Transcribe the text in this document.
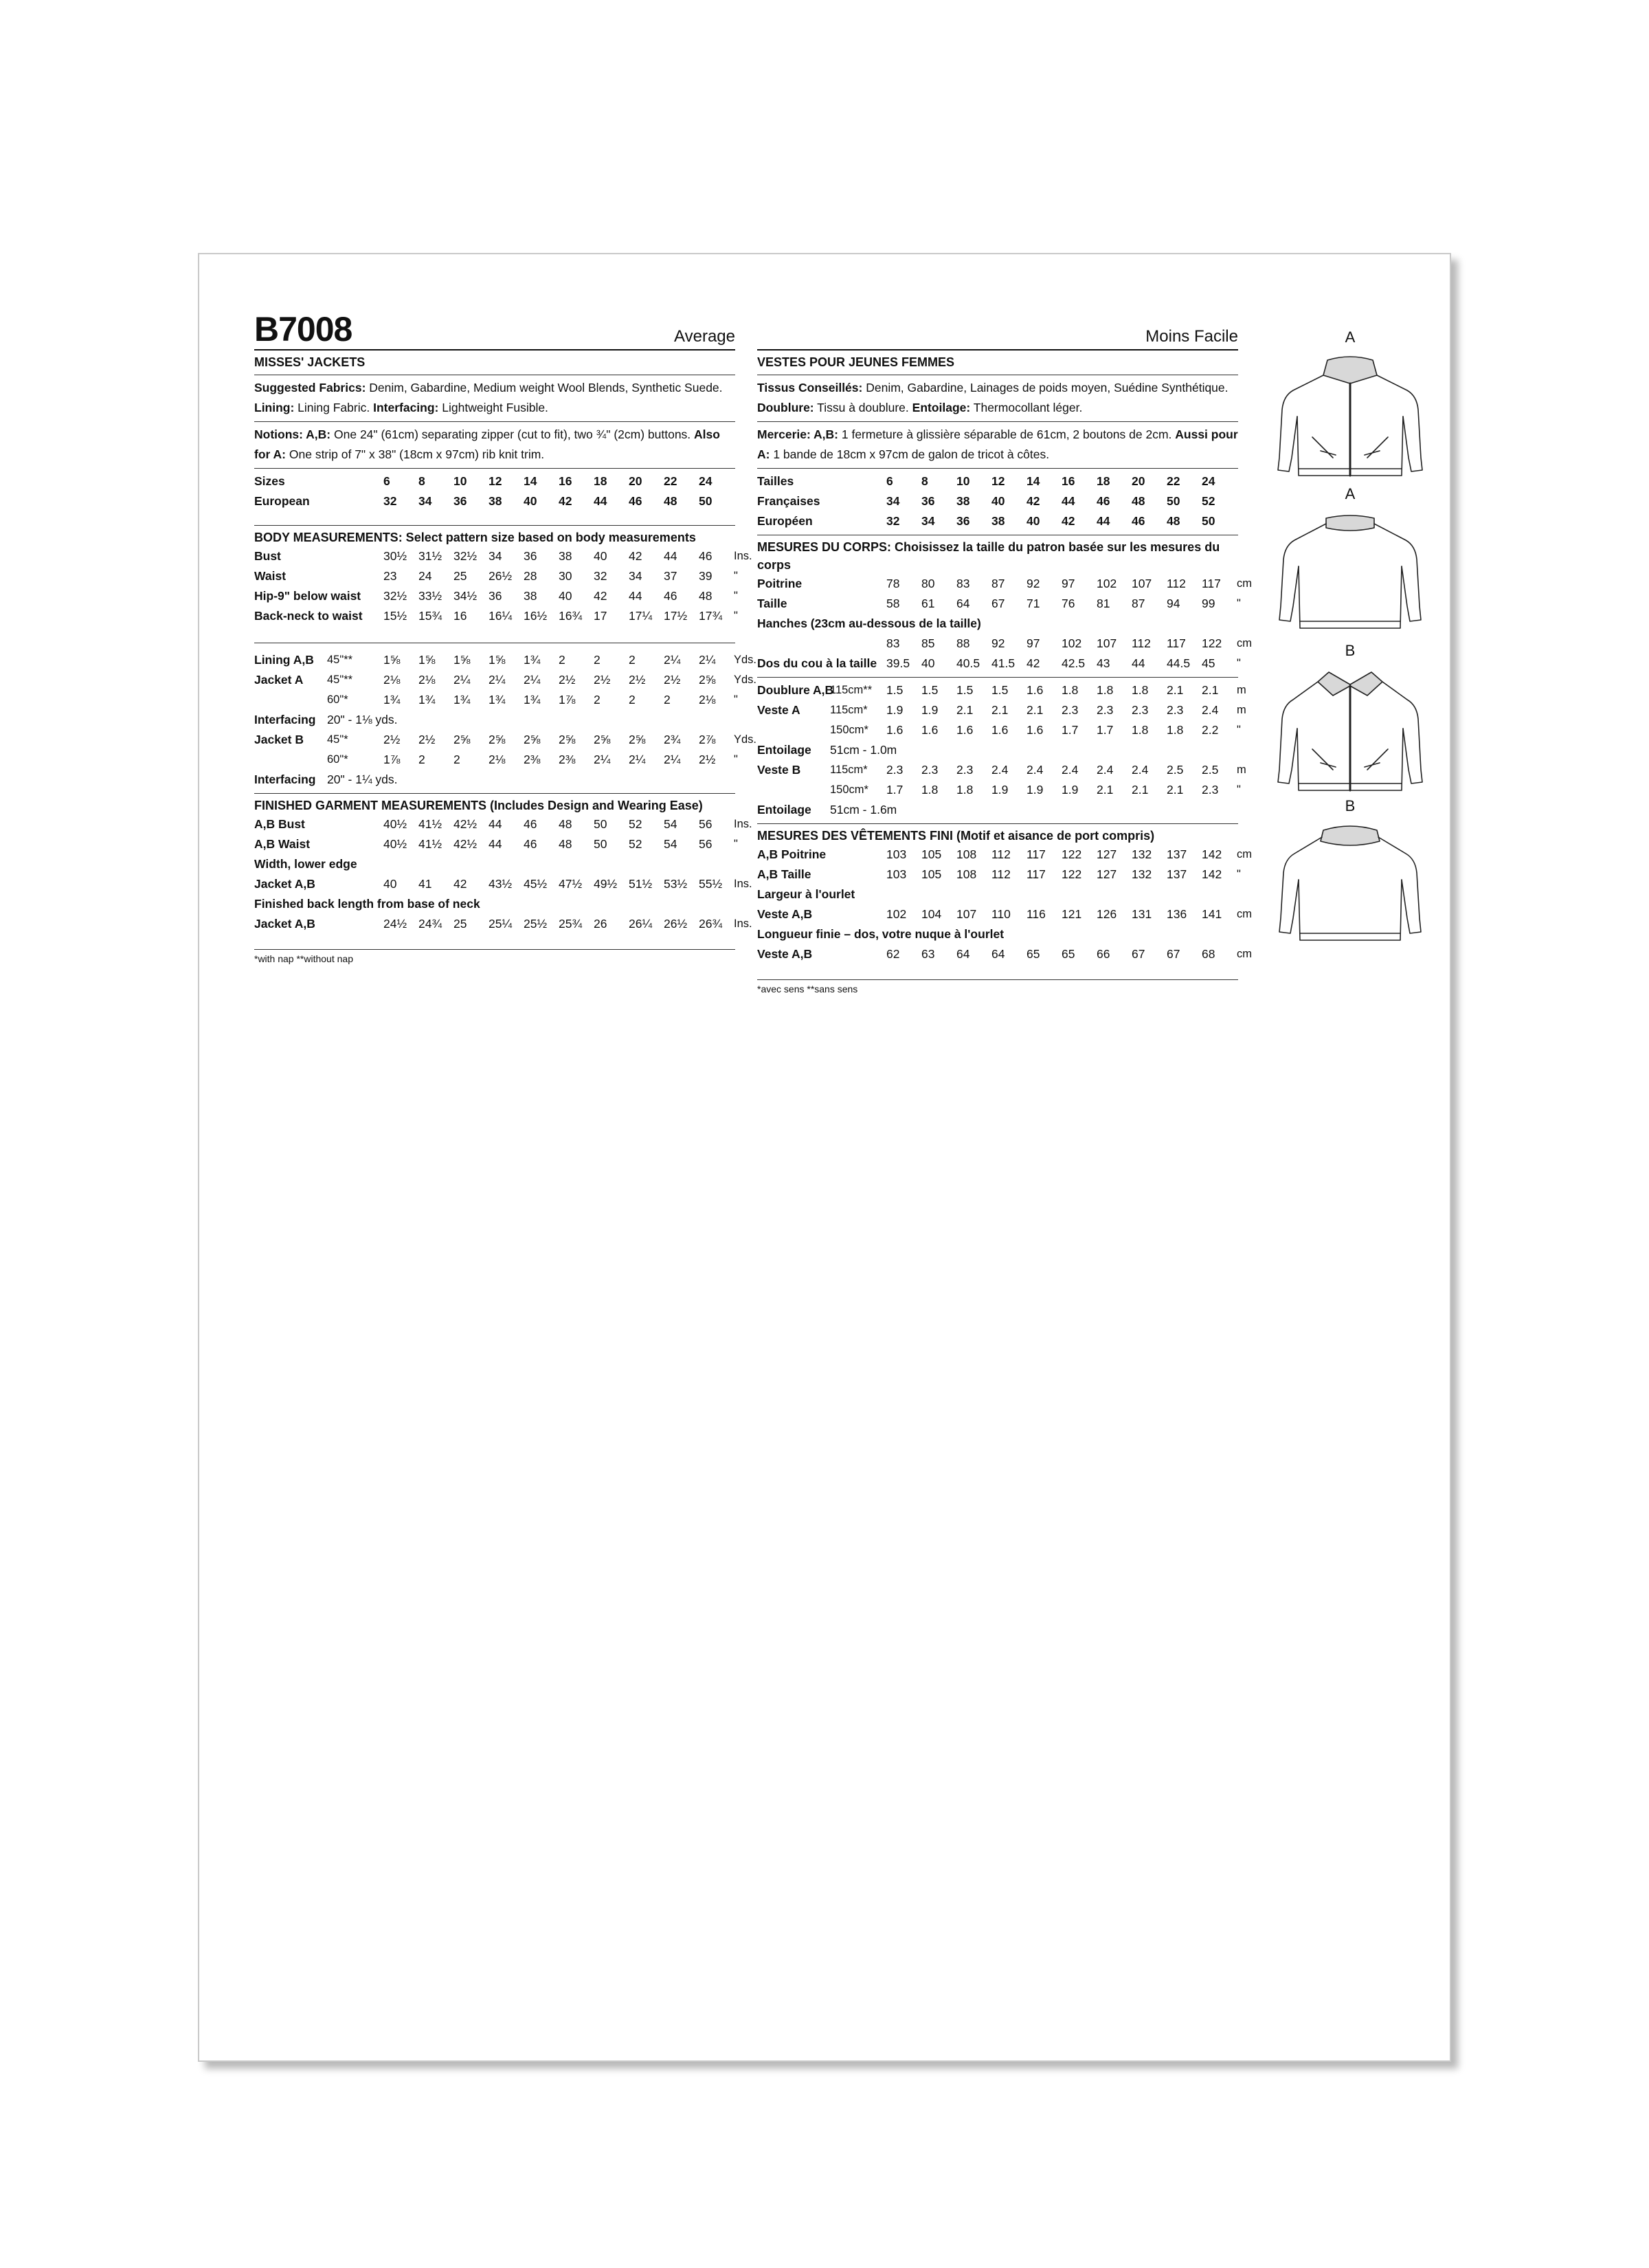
B7008	Average
MISSES' JACKETS
Suggested Fabrics: Denim, Gabardine, Medium weight Wool Blends, Synthetic Suede. Lining: Lining Fabric. Interfacing: Lightweight Fusible.
Notions: A,B: One 24" (61cm) separating zipper (cut to fit), two ¾" (2cm) buttons. Also for A: One strip of 7" x 38" (18cm x 97cm) rib knit trim.
Sizes	6	8	10	12	14	16	18	20	22	24	
European	32	34	36	38	40	42	44	46	48	50	
BODY MEASUREMENTS: Select pattern size based on body measurements
Bust	30½	31½	32½	34	36	38	40	42	44	46	Ins.
Waist	23	24	25	26½	28	30	32	34	37	39	"
Hip-9" below waist	32½	33½	34½	36	38	40	42	44	46	48	"
Back-neck to waist	15½	15¾	16	16¼	16½	16¾	17	17¼	17½	17¾	"
Lining A,B	45"**	1⅝	1⅝	1⅝	1⅝	1¾	2	2	2	2¼	2¼	Yds.
Jacket A	45"**	2⅛	2⅛	2¼	2¼	2¼	2½	2½	2½	2½	2⅝	Yds.
	60"*	1¾	1¾	1¾	1¾	1¾	1⅞	2	2	2	2⅛	"
Interfacing	20" - 1⅛ yds.											
Jacket B	45"*	2½	2½	2⅝	2⅝	2⅝	2⅝	2⅝	2⅝	2¾	2⅞	Yds.
	60"*	1⅞	2	2	2⅛	2⅜	2⅜	2¼	2¼	2¼	2½	"
Interfacing	20" - 1¼ yds.											
FINISHED GARMENT MEASUREMENTS (Includes Design and Wearing Ease)
A,B Bust	40½	41½	42½	44	46	48	50	52	54	56	Ins.
A,B Waist	40½	41½	42½	44	46	48	50	52	54	56	"
Width, lower edge											
Jacket A,B	40	41	42	43½	45½	47½	49½	51½	53½	55½	Ins.
Finished back length from base of neck											
Jacket A,B	24½	24¾	25	25¼	25½	25¾	26	26¼	26½	26¾	Ins.
*with nap **without nap
Moins Facile
VESTES POUR JEUNES FEMMES
Tissus Conseillés: Denim, Gabardine, Lainages de poids moyen, Suédine Synthétique. Doublure: Tissu à doublure. Entoilage: Thermocollant léger.
Mercerie: A,B: 1 fermeture à glissière séparable de 61cm, 2 boutons de 2cm. Aussi pour A: 1 bande de 18cm x 97cm de galon de tricot à côtes.
Tailles	6	8	10	12	14	16	18	20	22	24	
Françaises	34	36	38	40	42	44	46	48	50	52	
Européen	32	34	36	38	40	42	44	46	48	50	
MESURES DU CORPS: Choisissez la taille du patron basée sur les mesures du corps
Poitrine	78	80	83	87	92	97	102	107	112	117	cm
Taille	58	61	64	67	71	76	81	87	94	99	"
Hanches (23cm au-dessous de la taille)											
	83	85	88	92	97	102	107	112	117	122	cm
Dos du cou à la taille	39.5	40	40.5	41.5	42	42.5	43	44	44.5	45	"
Doublure A,B	115cm**	1.5	1.5	1.5	1.5	1.6	1.8	1.8	1.8	2.1	2.1	m
Veste A	115cm*	1.9	1.9	2.1	2.1	2.1	2.3	2.3	2.3	2.3	2.4	m
	150cm*	1.6	1.6	1.6	1.6	1.6	1.7	1.7	1.8	1.8	2.2	"
Entoilage	51cm - 1.0m											
Veste B	115cm*	2.3	2.3	2.3	2.4	2.4	2.4	2.4	2.4	2.5	2.5	m
	150cm*	1.7	1.8	1.8	1.9	1.9	1.9	2.1	2.1	2.1	2.3	"
Entoilage	51cm - 1.6m											
MESURES DES VÊTEMENTS FINI (Motif et aisance de port compris)
A,B Poitrine	103	105	108	112	117	122	127	132	137	142	cm
A,B Taille	103	105	108	112	117	122	127	132	137	142	"
Largeur à l'ourlet											
Veste A,B	102	104	107	110	116	121	126	131	136	141	cm
Longueur finie – dos, votre nuque à l'ourlet											
Veste A,B	62	63	64	64	65	65	66	67	67	68	cm
*avec sens **sans sens
A
A
B
B
